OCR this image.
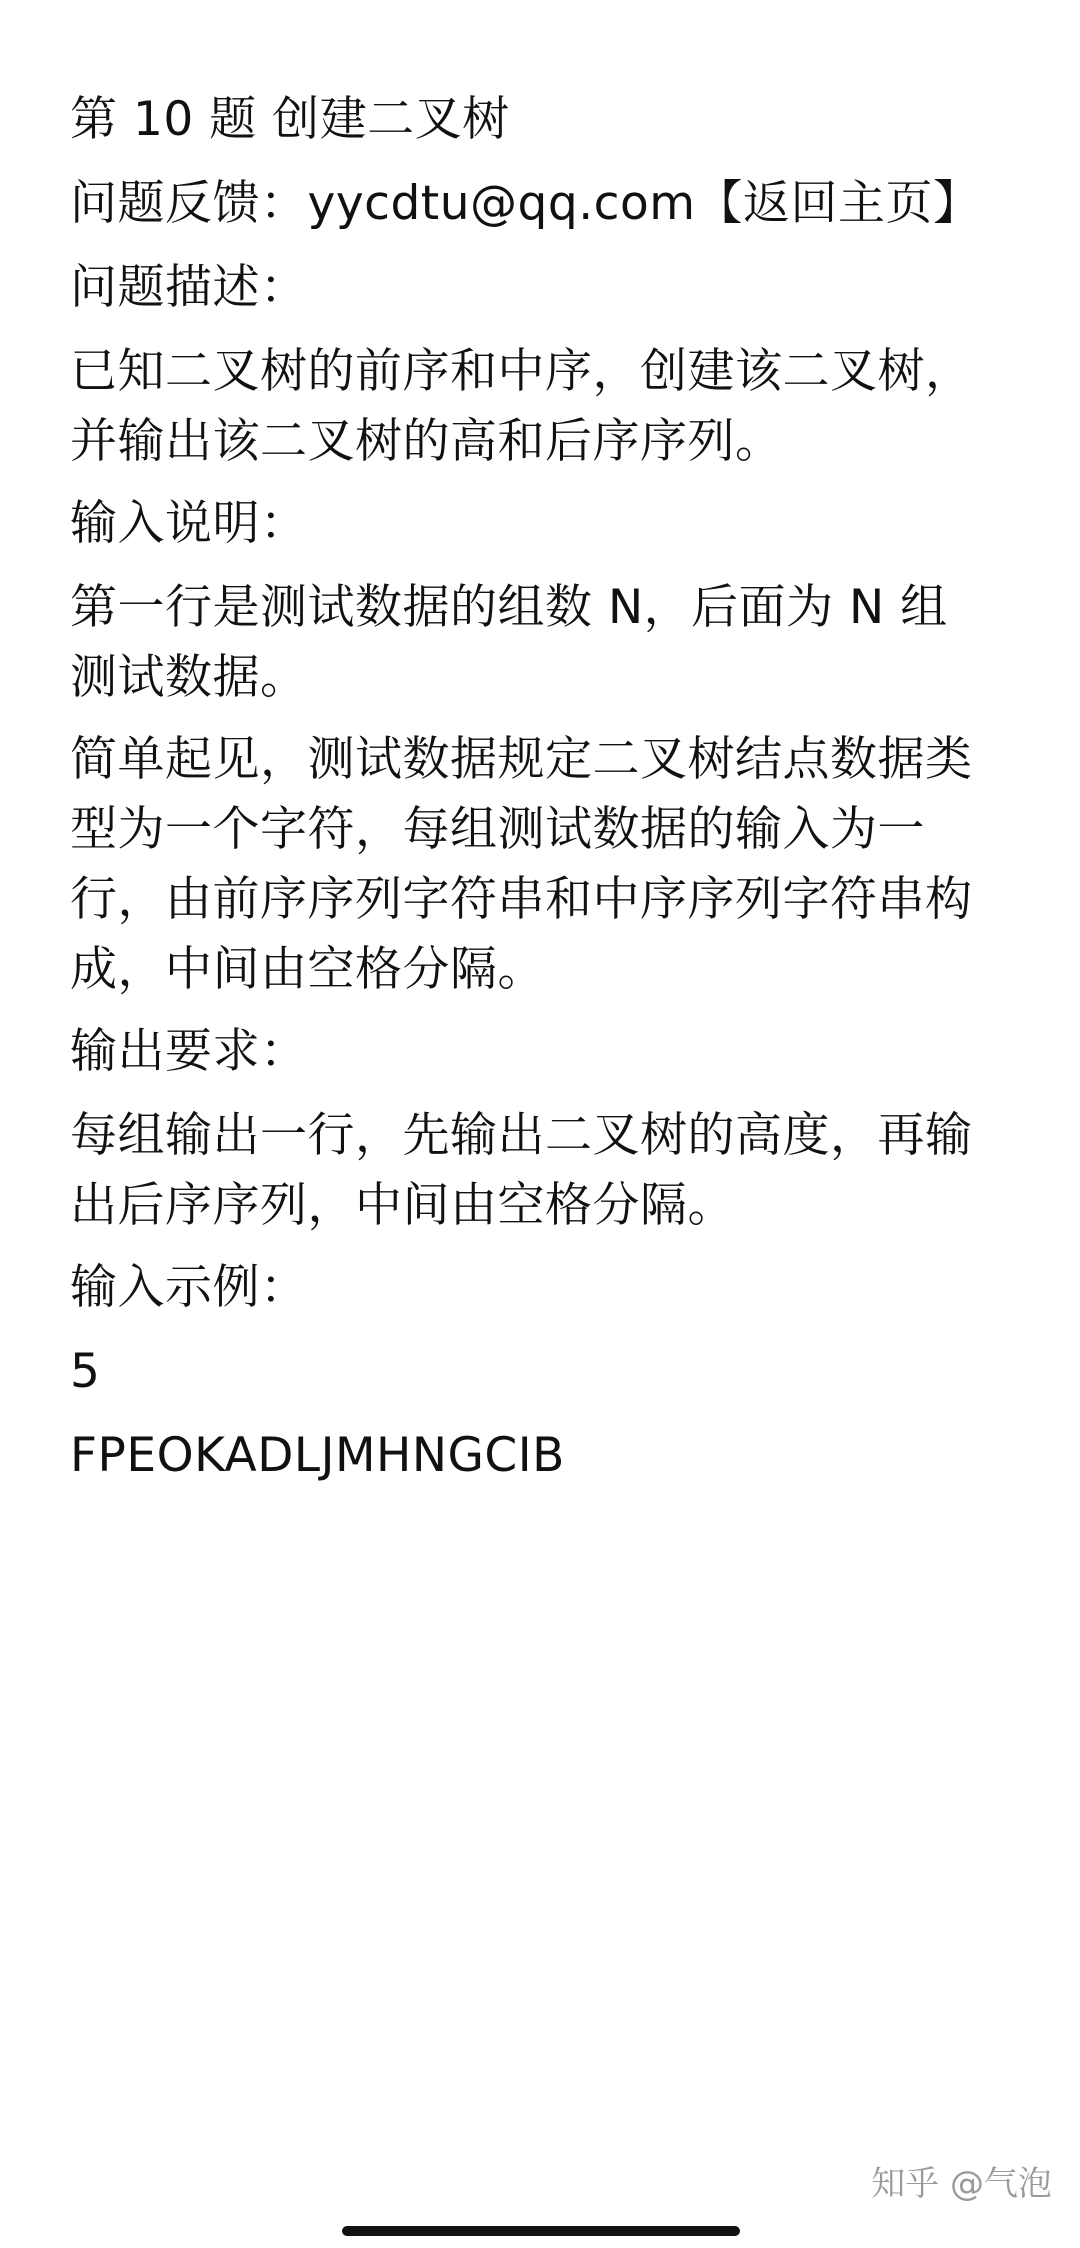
第 10 题 创建二叉树
问题反馈：yycdtu@qq.com【返回主页】
问题描述：
已知二叉树的前序和中序，创建该二叉树，
并输出该二叉树的高和后序序列。
输入说明：
第一行是测试数据的组数 N，后面为 N 组
测试数据。
简单起见，测试数据规定二叉树结点数据类
型为一个字符，每组测试数据的输入为一
行，由前序序列字符串和中序序列字符串构
成，中间由空格分隔。
输出要求：
每组输出一行，先输出二叉树的高度，再输
出后序序列，中间由空格分隔。
输入示例：
5
FPEOKADLJMHNGCIB
知乎 @气泡
